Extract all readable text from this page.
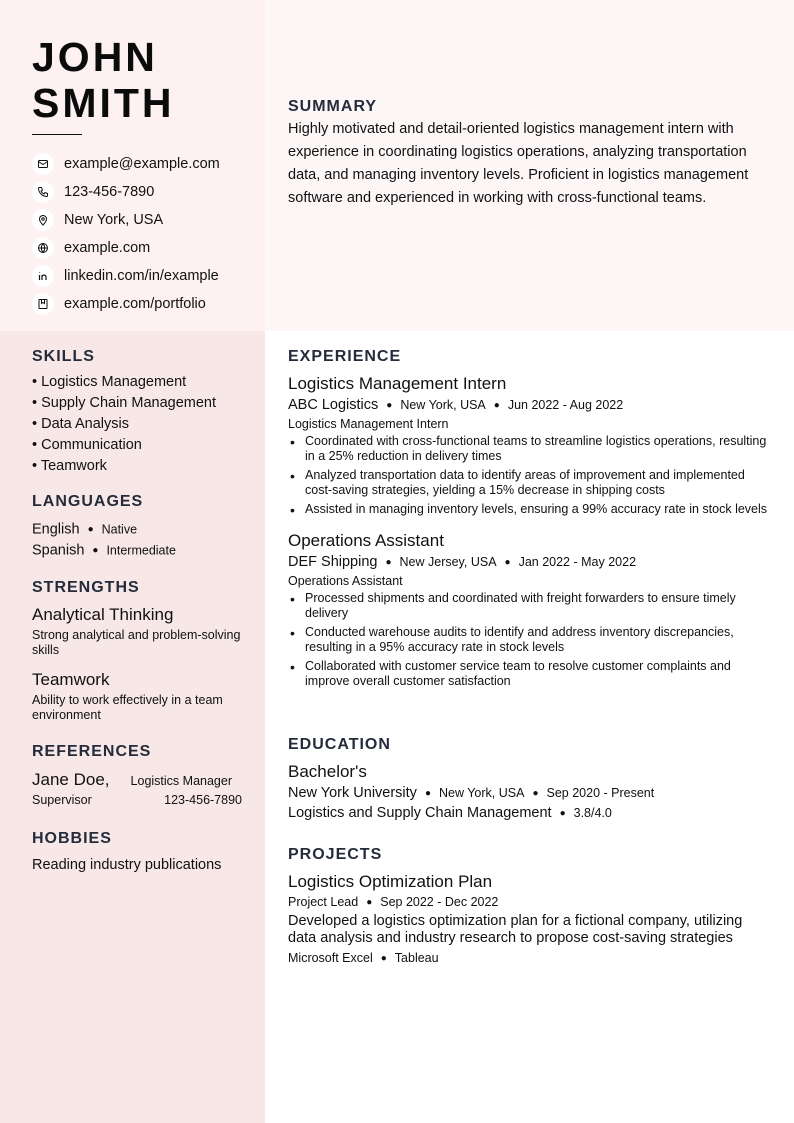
JOHN
SMITH
example@example.com
123-456-7890
New York, USA
example.com
linkedin.com/in/example
example.com/portfolio
SUMMARY

Highly motivated and detail-oriented logistics management intern with experience in coordinating logistics operations, analyzing transportation data, and managing inventory levels. Proficient in logistics management software and experienced in working with cross-functional teams.

SKILLS
• Logistics Management
• Supply Chain Management
• Data Analysis
• Communication
• Teamwork
LANGUAGES
English ● Native
Spanish ● Intermediate
STRENGTHS
Analytical Thinking
Strong analytical and problem-solving skills
Teamwork
Ability to work effectively in a team environment
REFERENCES
Jane Doe, Logistics Manager
Supervisor	123-456-7890
HOBBIES
Reading industry publications
EXPERIENCE
Logistics Management Intern
ABC Logistics ● New York, USA ● Jun 2022 - Aug 2022
Logistics Management Intern
• Coordinated with cross-functional teams to streamline logistics operations, resulting in a 25% reduction in delivery times
• Analyzed transportation data to identify areas of improvement and implemented cost-saving strategies, yielding a 15% decrease in shipping costs
• Assisted in managing inventory levels, ensuring a 99% accuracy rate in stock levels
Operations Assistant
DEF Shipping ● New Jersey, USA ● Jan 2022 - May 2022
Operations Assistant
• Processed shipments and coordinated with freight forwarders to ensure timely delivery
• Conducted warehouse audits to identify and address inventory discrepancies, resulting in a 95% accuracy rate in stock levels
• Collaborated with customer service team to resolve customer complaints and improve overall customer satisfaction
EDUCATION
Bachelor's
New York University ● New York, USA ● Sep 2020 - Present
Logistics and Supply Chain Management ● 3.8/4.0
PROJECTS
Logistics Optimization Plan
Project Lead ● Sep 2022 - Dec 2022
Developed a logistics optimization plan for a fictional company, utilizing data analysis and industry research to propose cost-saving strategies
Microsoft Excel ● Tableau
